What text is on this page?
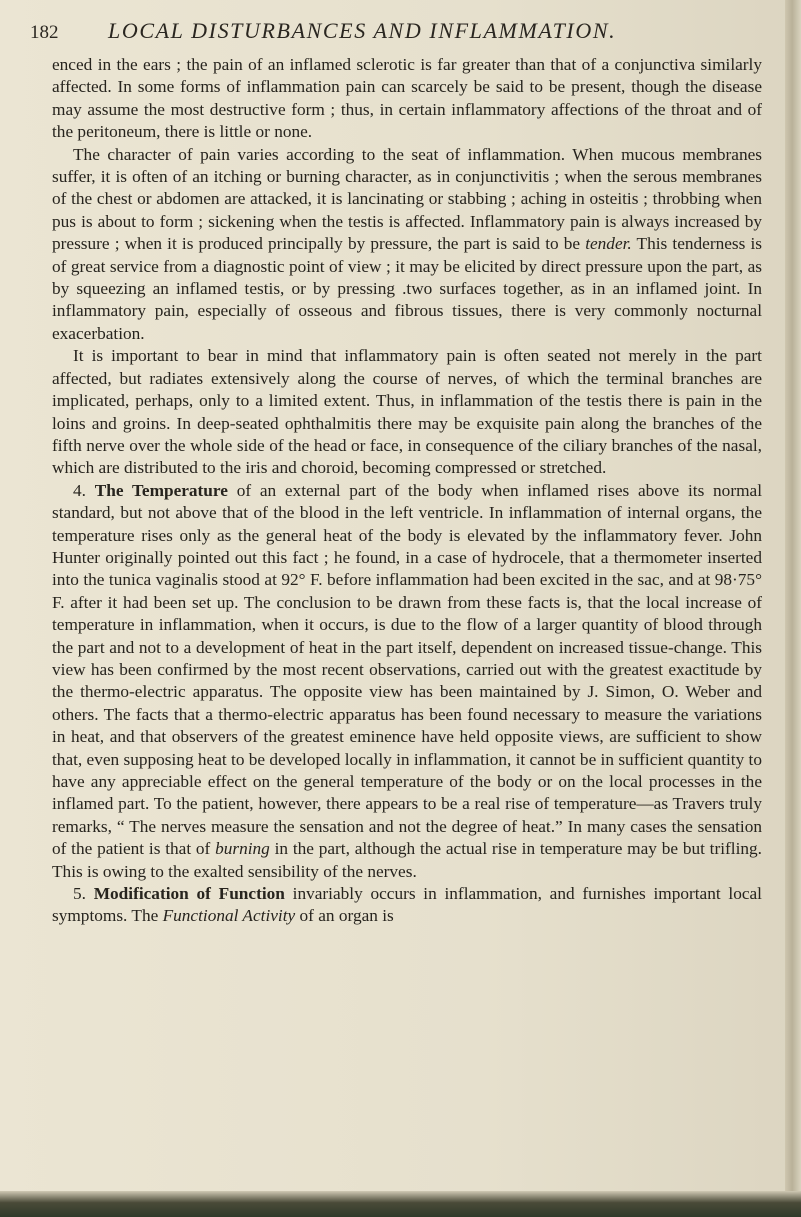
182 LOCAL DISTURBANCES AND INFLAMMATION.

enced in the ears ; the pain of an inflamed sclerotic is far greater than that of a conjunctiva similarly affected. In some forms of inflammation pain can scarcely be said to be present, though the disease may assume the most destructive form ; thus, in certain inflammatory affections of the throat and of the peritoneum, there is little or none.

The character of pain varies according to the seat of inflammation. When mucous membranes suffer, it is often of an itching or burning character, as in conjunctivitis ; when the serous membranes of the chest or abdomen are attacked, it is lancinating or stabbing ; aching in osteitis ; throbbing when pus is about to form ; sickening when the testis is affected. Inflammatory pain is always increased by pressure ; when it is produced principally by pressure, the part is said to be tender. This tenderness is of great service from a diagnostic point of view ; it may be elicited by direct pressure upon the part, as by squeezing an inflamed testis, or by pressing .two surfaces together, as in an inflamed joint. In inflammatory pain, especially of osseous and fibrous tissues, there is very commonly nocturnal exacerbation.

It is important to bear in mind that inflammatory pain is often seated not merely in the part affected, but radiates extensively along the course of nerves, of which the terminal branches are implicated, perhaps, only to a limited extent. Thus, in inflammation of the testis there is pain in the loins and groins. In deep-seated ophthalmitis there may be exquisite pain along the branches of the fifth nerve over the whole side of the head or face, in consequence of the ciliary branches of the nasal, which are distributed to the iris and choroid, becoming compressed or stretched.

4. The Temperature of an external part of the body when inflamed rises above its normal standard, but not above that of the blood in the left ventricle. In inflammation of internal organs, the temperature rises only as the general heat of the body is elevated by the inflammatory fever. John Hunter originally pointed out this fact ; he found, in a case of hydrocele, that a thermometer inserted into the tunica vaginalis stood at 92° F. before inflammation had been excited in the sac, and at 98·75° F. after it had been set up. The conclusion to be drawn from these facts is, that the local increase of temperature in inflammation, when it occurs, is due to the flow of a larger quantity of blood through the part and not to a development of heat in the part itself, dependent on increased tissue-change. This view has been confirmed by the most recent observations, carried out with the greatest exactitude by the thermo-electric apparatus. The opposite view has been maintained by J. Simon, O. Weber and others. The facts that a thermo-electric apparatus has been found necessary to measure the variations in heat, and that observers of the greatest eminence have held opposite views, are sufficient to show that, even supposing heat to be developed locally in inflammation, it cannot be in sufficient quantity to have any appreciable effect on the general temperature of the body or on the local processes in the inflamed part. To the patient, however, there appears to be a real rise of temperature—as Travers truly remarks, “ The nerves measure the sensation and not the degree of heat.” In many cases the sensation of the patient is that of burning in the part, although the actual rise in temperature may be but trifling. This is owing to the exalted sensibility of the nerves.

5. Modification of Function invariably occurs in inflammation, and furnishes important local symptoms. The Functional Activity of an organ is
